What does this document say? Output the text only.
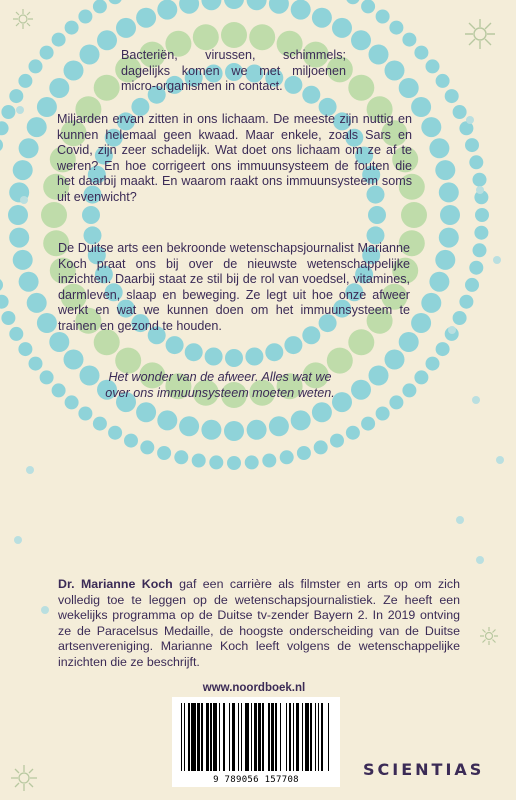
Bacteriën, virussen, schimmels; dagelijks komen we met miljoenen micro-organismen in contact.
Miljarden ervan zitten in ons lichaam. De meeste zijn nuttig en kunnen helemaal geen kwaad. Maar enkele, zoals Sars en Covid, zijn zeer schadelijk. Wat doet ons lichaam om ze af te weren? En hoe corrigeert ons immuunsysteem de fouten die het daarbij maakt. En waarom raakt ons immuunsysteem soms uit evenwicht?
De Duitse arts een bekroonde wetenschapsjournalist Marianne Koch praat ons bij over de nieuwste wetenschappelijke inzichten. Daarbij staat ze stil bij de rol van voedsel, vitamines, darmleven, slaap en beweging. Ze legt uit hoe onze afweer werkt en wat we kunnen doen om het immuunsysteem te trainen en gezond te houden.
Het wonder van de afweer. Alles wat we over ons immuunsysteem moeten weten.
Dr. Marianne Koch gaf een carrière als filmster en arts op om zich volledig toe te leggen op de wetenschapsjournalistiek. Ze heeft een wekelijks programma op de Duitse tv-zender Bayern 2. In 2019 ontving ze de Paracelsus Medaille, de hoogste onderscheiding van de Duitse artsenvereniging. Marianne Koch leeft volgens de wetenschappelijke inzichten die ze beschrijft.
www.noordboek.nl
9 789056 157708
SCIENTIAS
